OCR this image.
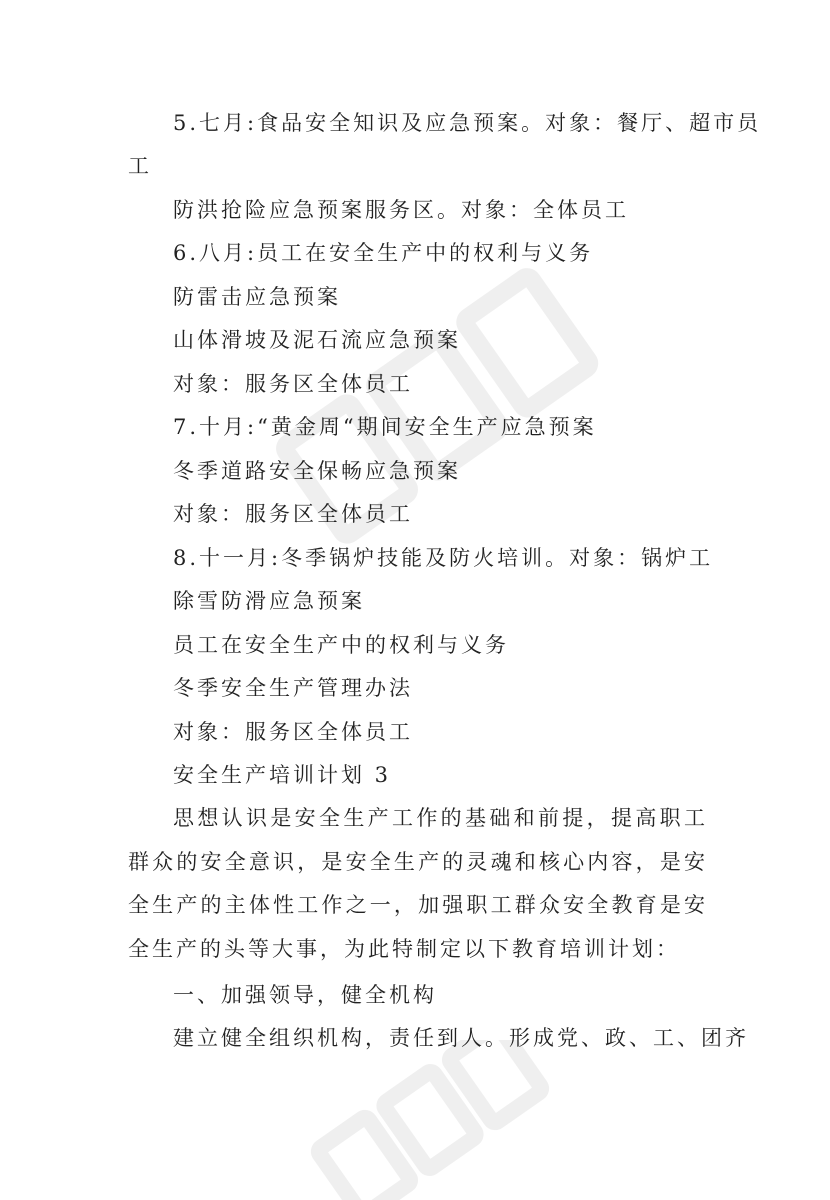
5.七月:食品安全知识及应急预案。对象：餐厅、超市员
工
防洪抢险应急预案服务区。对象：全体员工
6.八月:员工在安全生产中的权利与义务
防雷击应急预案
山体滑坡及泥石流应急预案
对象：服务区全体员工
7.十月:“黄金周“期间安全生产应急预案
冬季道路安全保畅应急预案
对象：服务区全体员工
8.十一月:冬季锅炉技能及防火培训。对象：锅炉工
除雪防滑应急预案
员工在安全生产中的权利与义务
冬季安全生产管理办法
对象：服务区全体员工
安全生产培训计划 3

思想认识是安全生产工作的基础和前提，提高职工群众的安全意识，是安全生产的灵魂和核心内容，是安全生产的主体性工作之一，加强职工群众安全教育是安全生产的头等大事，为此特制定以下教育培训计划：

一、加强领导，健全机构
建立健全组织机构，责任到人。形成党、政、工、团齐
